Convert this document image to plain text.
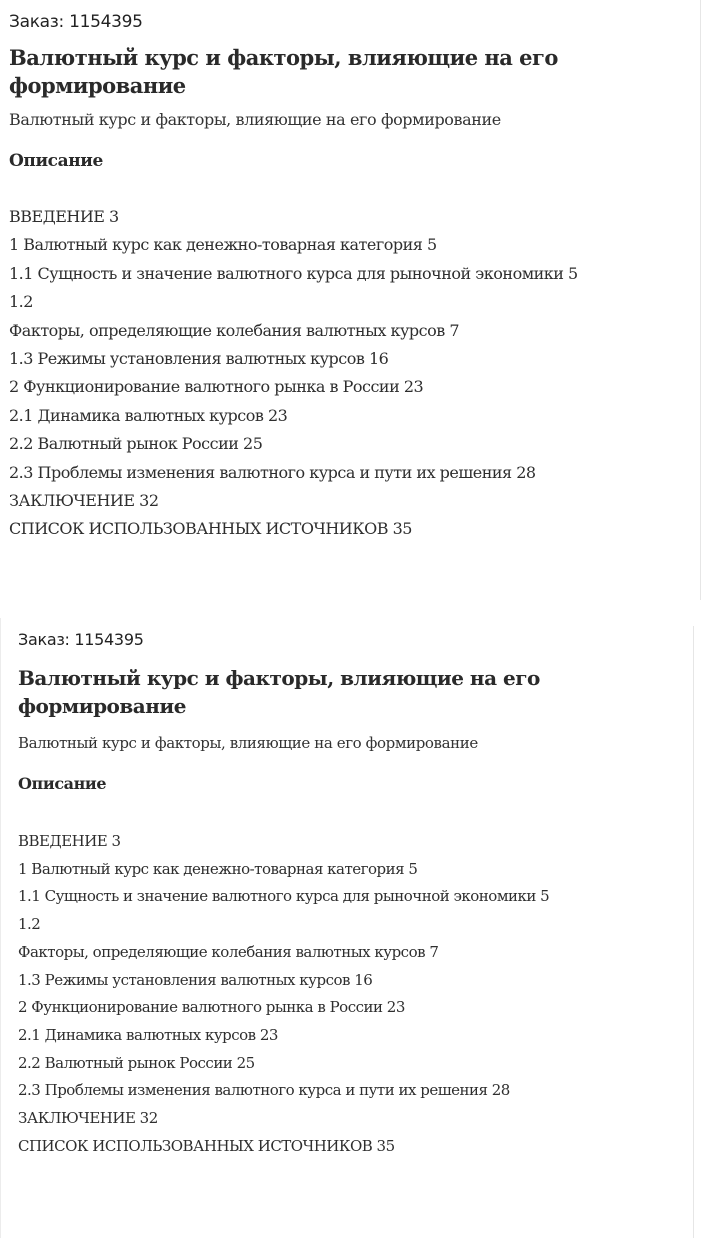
Заказ: 1154395
Валютный курс и факторы, влияющие на его формирование

Валютный курс и факторы, влияющие на его формирование

Описание
ВВЕДЕНИЕ 3
1 Валютный курс как денежно-товарная категория 5
1.1 Сущность и значение валютного курса для рыночной экономики 5
1.2
Факторы, определяющие колебания валютных курсов 7
1.3 Режимы установления валютных курсов 16
2 Функционирование валютного рынка в России 23
2.1 Динамика валютных курсов 23
2.2 Валютный рынок России 25
2.3 Проблемы изменения валютного курса и пути их решения 28
ЗАКЛЮЧЕНИЕ 32
СПИСОК ИСПОЛЬЗОВАННЫХ ИСТОЧНИКОВ 35
Заказ: 1154395
Валютный курс и факторы, влияющие на его формирование

Валютный курс и факторы, влияющие на его формирование

Описание
ВВЕДЕНИЕ 3
1 Валютный курс как денежно-товарная категория 5
1.1 Сущность и значение валютного курса для рыночной экономики 5
1.2
Факторы, определяющие колебания валютных курсов 7
1.3 Режимы установления валютных курсов 16
2 Функционирование валютного рынка в России 23
2.1 Динамика валютных курсов 23
2.2 Валютный рынок России 25
2.3 Проблемы изменения валютного курса и пути их решения 28
ЗАКЛЮЧЕНИЕ 32
СПИСОК ИСПОЛЬЗОВАННЫХ ИСТОЧНИКОВ 35
